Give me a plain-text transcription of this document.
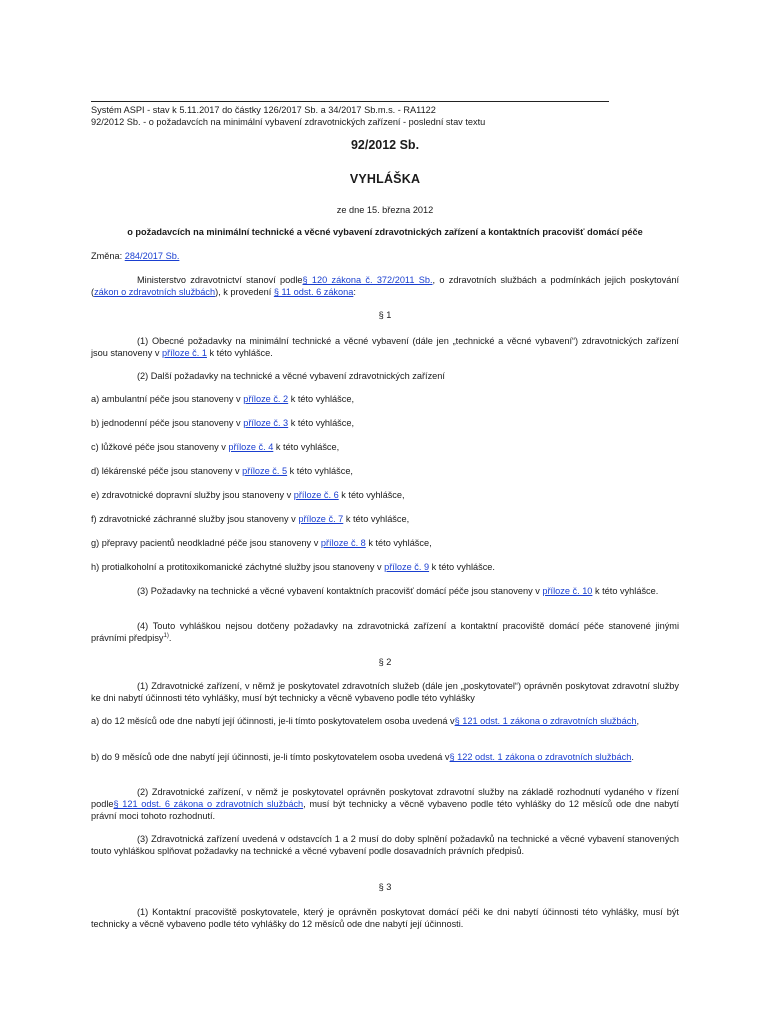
Systém ASPI - stav k 5.11.2017 do částky 126/2017 Sb. a 34/2017 Sb.m.s. - RA1122
92/2012 Sb. - o požadavcích na minimální vybavení zdravotnických zařízení - poslední stav textu
92/2012 Sb.
VYHLÁŠKA
ze dne 15. března 2012
o požadavcích na minimální technické a věcné vybavení zdravotnických zařízení a kontaktních pracovišť domácí péče
Změna: 284/2017 Sb.
Ministerstvo zdravotnictví stanoví podle§ 120 zákona č. 372/2011 Sb., o zdravotních službách a podmínkách jejich poskytování (zákon o zdravotních službách), k provedení § 11 odst. 6 zákona:
§ 1
(1) Obecné požadavky na minimální technické a věcné vybavení (dále jen „technické a věcné vybavení“) zdravotnických zařízení jsou stanoveny v příloze č. 1 k této vyhlášce.
(2) Další požadavky na technické a věcné vybavení zdravotnických zařízení
a) ambulantní péče jsou stanoveny v příloze č. 2 k této vyhlášce,
b) jednodenní péče jsou stanoveny v příloze č. 3 k této vyhlášce,
c) lůžkové péče jsou stanoveny v příloze č. 4 k této vyhlášce,
d) lékárenské péče jsou stanoveny v příloze č. 5 k této vyhlášce,
e) zdravotnické dopravní služby jsou stanoveny v příloze č. 6 k této vyhlášce,
f) zdravotnické záchranné služby jsou stanoveny v příloze č. 7 k této vyhlášce,
g) přepravy pacientů neodkladné péče jsou stanoveny v příloze č. 8 k této vyhlášce,
h) protialkoholní a protitoxikomanické záchytné služby jsou stanoveny v příloze č. 9 k této vyhlášce.
(3) Požadavky na technické a věcné vybavení kontaktních pracovišť domácí péče jsou stanoveny v příloze č. 10 k této vyhlášce.
(4) Touto vyhláškou nejsou dotčeny požadavky na zdravotnická zařízení a kontaktní pracoviště domácí péče stanovené jinými právními předpisy$^{1)}$.
§ 2
(1) Zdravotnické zařízení, v němž je poskytovatel zdravotních služeb (dále jen „poskytovatel“) oprávněn poskytovat zdravotní služby ke dni nabytí účinnosti této vyhlášky, musí být technicky a věcně vybaveno podle této vyhlášky
a) do 12 měsíců ode dne nabytí její účinnosti, je-li tímto poskytovatelem osoba uvedená v§ 121 odst. 1 zákona o zdravotních službách,
b) do 9 měsíců ode dne nabytí její účinnosti, je-li tímto poskytovatelem osoba uvedená v§ 122 odst. 1 zákona o zdravotních službách.
(2) Zdravotnické zařízení, v němž je poskytovatel oprávněn poskytovat zdravotní služby na základě rozhodnutí vydaného v řízení podle§ 121 odst. 6 zákona o zdravotních službách, musí být technicky a věcně vybaveno podle této vyhlášky do 12 měsíců ode dne nabytí právní moci tohoto rozhodnutí.
(3) Zdravotnická zařízení uvedená v odstavcích 1 a 2 musí do doby splnění požadavků na technické a věcné vybavení stanovených touto vyhláškou splňovat požadavky na technické a věcné vybavení podle dosavadních právních předpisů.
§ 3
(1) Kontaktní pracoviště poskytovatele, který je oprávněn poskytovat domácí péči ke dni nabytí účinnosti této vyhlášky, musí být technicky a věcně vybaveno podle této vyhlášky do 12 měsíců ode dne nabytí její účinnosti.
